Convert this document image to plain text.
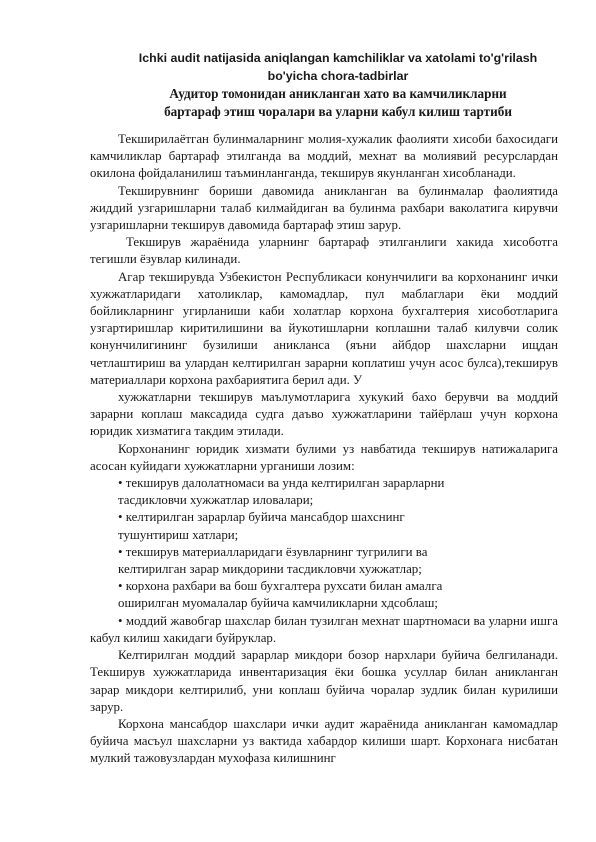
Ichki audit natijasida aniqlangan kamchiliklar va xatolami to'g'rilash
bo'yicha chora-tadbirlar
Аудитор томонидан аникланган хато ва камчиликларни
бартараф этиш чоралари ва уларни кабул килиш тартиби

Текширилаётган булинмаларнинг молия-хужалик фаолияти хисоби бахосидаги камчиликлар бартараф этилганда ва моддий, мехнат ва молиявий ресурслардан окилона фойдаланилиш таъминланганда, текширув якунланган хисобланади.

Текширувнинг бориши давомида аникланган ва булинмалар фаолиятида жиддий узгаришларни талаб килмайдиган ва булинма рахбари ваколатига кирувчи узгаришларни текширув давомида бартараф этиш зарур.

Текширув жараёнида уларнинг бартараф этилганлиги хакида хисоботга тегишли ёзувлар килинади.

Агар текширувда Узбекистон Республикаси конунчилиги ва корхонанинг ички хужжатларидаги хатоликлар, камомадлар, пул маблаглари ёки моддий бойликларнинг угирланиши каби холатлар корхона бухгалтерия хисоботларига узгартиришлар киритилишини ва йукотишларни коплашни талаб килувчи солик конунчилигининг бузилиши аникланса (яъни айбдор шахсларни ищдан четлаштириш ва улардан келтирилган зарарни коплатиш учун асос булса),текширув материаллари корхона рахбариятига берил ади. У

хужжатларни текширув маълумотларига хукукий бахо берувчи ва моддий зарарни коплаш максадида судга даъво хужжатларини тайёрлаш учун корхона юридик хизматига такдим этилади.

Корхонанинг юридик хизмати булими уз навбатида текширув натижаларига асосан куйидаги хужжатларни урганиши лозим:

• текширув далолатномаси ва унда келтирилган зарарларни
тасдикловчи хужжатлар иловалари;
• келтирилган зарарлар буйича мансабдор шахснинг
тушунтириш хатлари;
• текширув материалларидаги ёзувларнинг тугрилиги ва
келтирилган зарар микдорини тасдикловчи хужжатлар;
• корхона рахбари ва бош бухгалтера рухсати билан амалга
оширилган муомалалар буйича камчиликларни хдсоблаш;

• моддий жавобгар шахслар билан тузилган мехнат шартномаси ва уларни ишга кабул килиш хакидаги буйруклар.

Келтирилган моддий зарарлар микдори бозор нархлари буйича белгиланади. Текширув хужжатларида инвентаризация ёки бошка усуллар билан аникланган зарар микдори келтирилиб, уни коплаш буйича чоралар зудлик билан курилиши зарур.

Корхона мансабдор шахслари ички аудит жараёнида аникланган камомадлар буйича масъул шахсларни уз вактида хабардор килиши шарт. Корхонага нисбатан мулкий тажовузлардан мухофаза килишнинг
